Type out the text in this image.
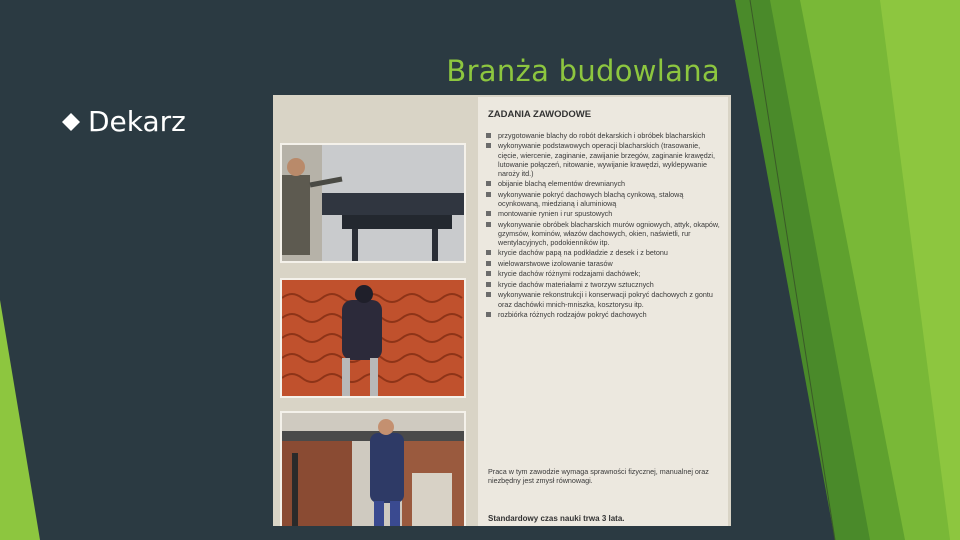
Branża budowlana
Dekarz	ZADANIA ZAWODOWE
przygotowanie blachy do robót dekarskich i obróbek blacharskich
wykonywanie podstawowych operacji blacharskich (trasowanie, cięcie, wiercenie, zaginanie, zawijanie brzegów, zaginanie krawędzi, lutowanie połączeń, nitowanie, wywijanie krawędzi, wyklepywanie naroży itd.)
obijanie blachą elementów drewnianych
wykonywanie pokryć dachowych blachą cynkową, stalową ocynkowaną, miedzianą i aluminiową
montowanie rynien i rur spustowych
wykonywanie obróbek blacharskich murów ogniowych, attyk, okapów, gzymsów, kominów, włazów dachowych, okien, naświetli, rur wentylacyjnych, podokienników itp.
krycie dachów papą na podkładzie z desek i z betonu
wielowarstwowe izolowanie tarasów
krycie dachów różnymi rodzajami dachówek;
krycie dachów materiałami z tworzyw sztucznych
wykonywanie rekonstrukcji i konserwacji pokryć dachowych z gontu oraz dachówki mnich-mniszka, kosztorysu itp.
rozbiórka różnych rodzajów pokryć dachowych
Praca w tym zawodzie wymaga sprawności fizycznej, manualnej oraz niezbędny jest zmysł równowagi.
Standardowy czas nauki trwa 3 lata.
